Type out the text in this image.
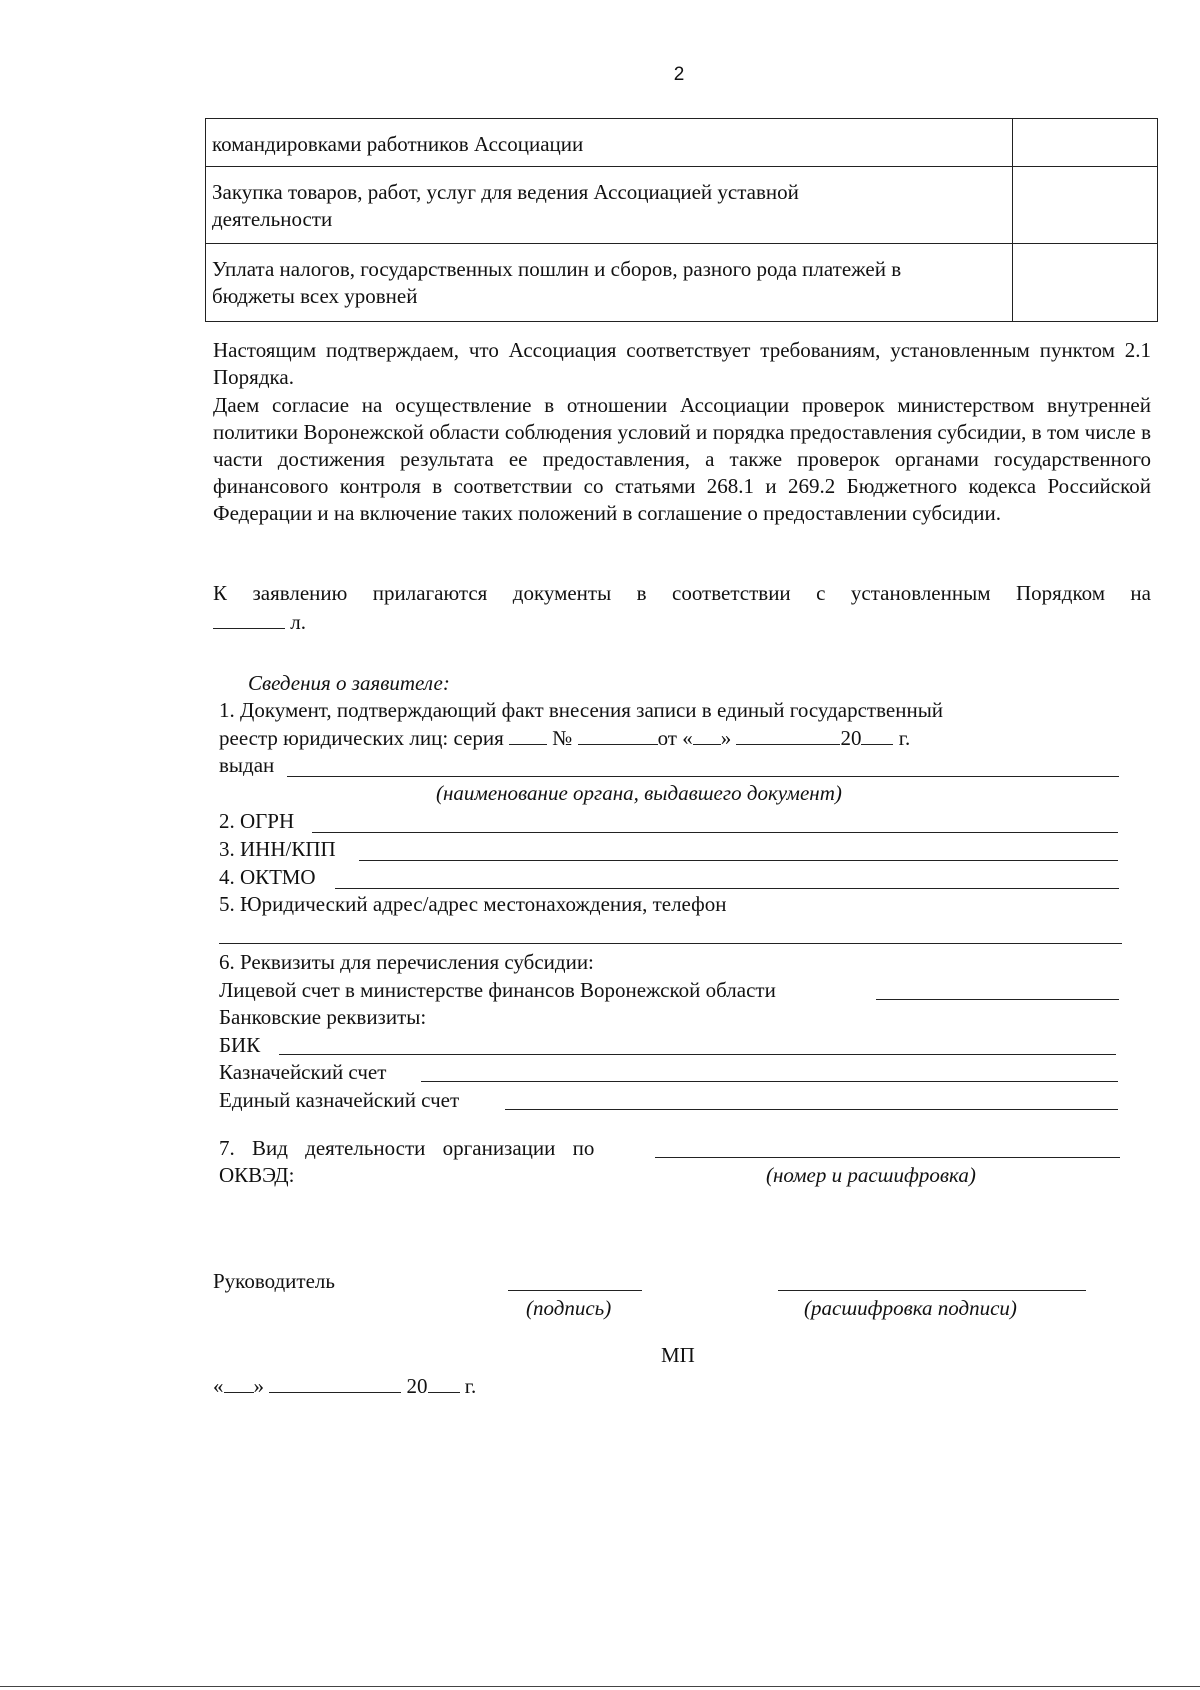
2
командировками работников Ассоциации	
Закупка товаров, работ, услуг для ведения Ассоциацией уставной деятельности	
Уплата налогов, государственных пошлин и сборов, разного рода платежей в бюджеты всех уровней	
Настоящим подтверждаем, что Ассоциация соответствует требованиям, установленным пунктом 2.1 Порядка.
Даем согласие на осуществление в отношении Ассоциации проверок министерством внутренней политики Воронежской области соблюдения условий и порядка предоставления субсидии, в том числе в части достижения результата ее предоставления, а также проверок органами государственного финансового контроля в соответствии со статьями 268.1 и 269.2 Бюджетного кодекса Российской Федерации и на включение таких положений в соглашение о предоставлении субсидии.
К заявлению прилагаются документы в соответствии с установленным Порядком на
л.
Сведения о заявителе:
1. Документ, подтверждающий факт внесения записи в единый государственный
реестр юридических лиц: серия №	от « »	20 г.
выдан
(наименование органа, выдавшего документ)
2. ОГРН
3. ИНН/КПП
4. ОКТМО
5. Юридический адрес/адрес местонахождения, телефон
6. Реквизиты для перечисления субсидии:
Лицевой счет в министерстве финансов Воронежской области
Банковские реквизиты:
БИК
Казначейский счет
Единый казначейский счет
7. Вид деятельности организации по
ОКВЭД:	(номер и расшифровка)
Руководитель
(подпись)	(расшифровка подписи)
МП
« »	20 г.
